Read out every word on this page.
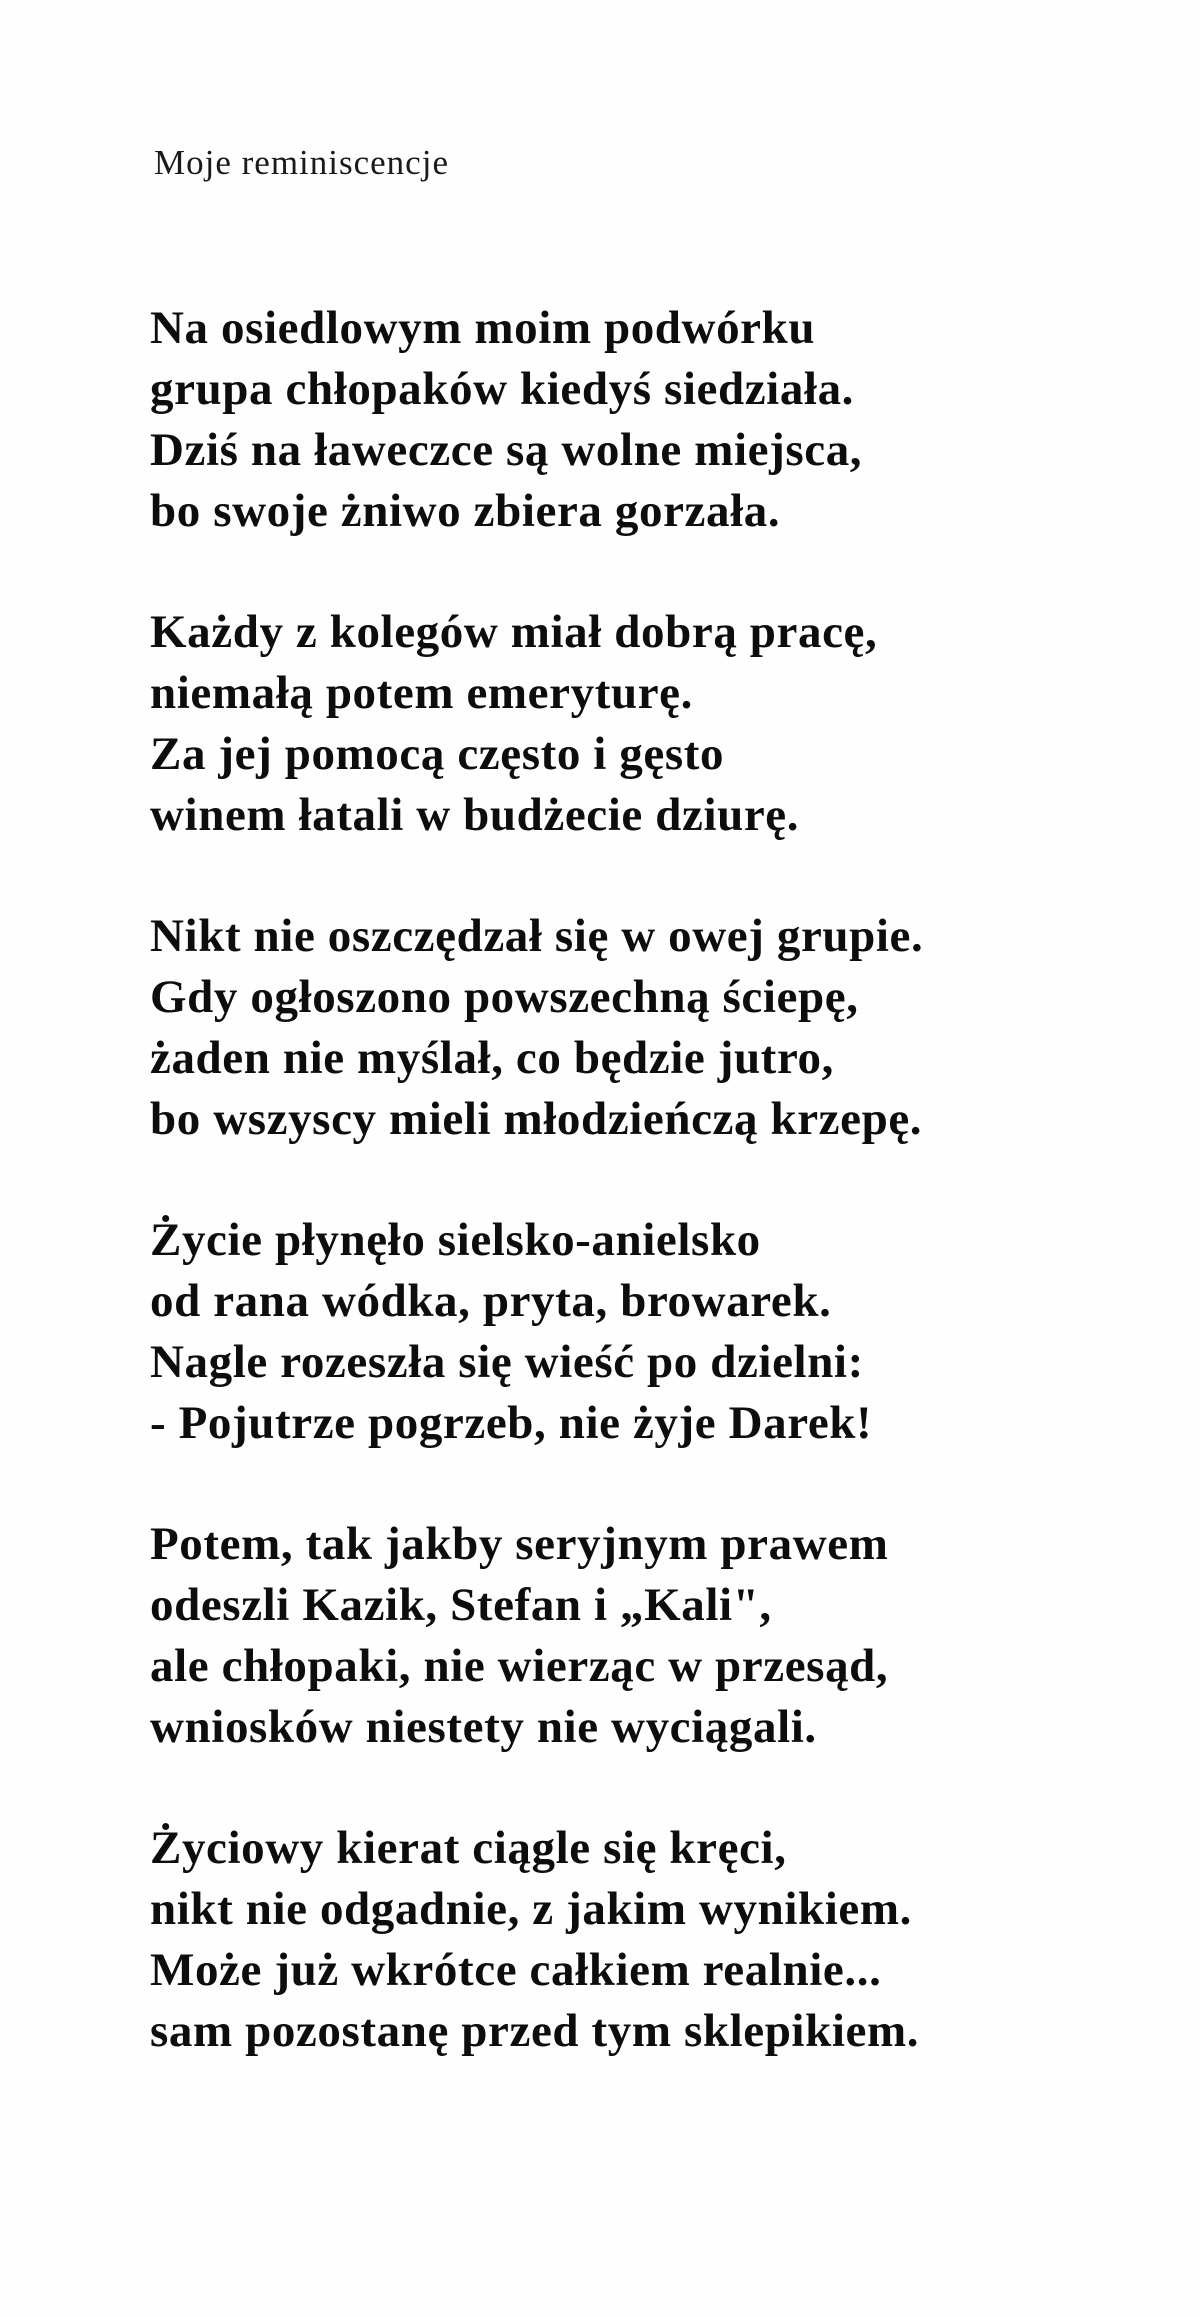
Moje reminiscencje
Na osiedlowym moim podwórku
grupa chłopaków kiedyś siedziała.
Dziś na ławeczce są wolne miejsca,
bo swoje żniwo zbiera gorzała.
Każdy z kolegów miał dobrą pracę,
niemałą potem emeryturę.
Za jej pomocą często i gęsto
winem łatali w budżecie dziurę.
Nikt nie oszczędzał się w owej grupie.
Gdy ogłoszono powszechną ściepę,
żaden nie myślał, co będzie jutro,
bo wszyscy mieli młodzieńczą krzepę.
Życie płynęło sielsko-anielsko
od rana wódka, pryta, browarek.
Nagle rozeszła się wieść po dzielni:
- Pojutrze pogrzeb, nie żyje Darek!
Potem, tak jakby seryjnym prawem
odeszli Kazik, Stefan i „Kali",
ale chłopaki, nie wierząc w przesąd,
wniosków niestety nie wyciągali.
Życiowy kierat ciągle się kręci,
nikt nie odgadnie, z jakim wynikiem.
Może już wkrótce całkiem realnie...
sam pozostanę przed tym sklepikiem.
